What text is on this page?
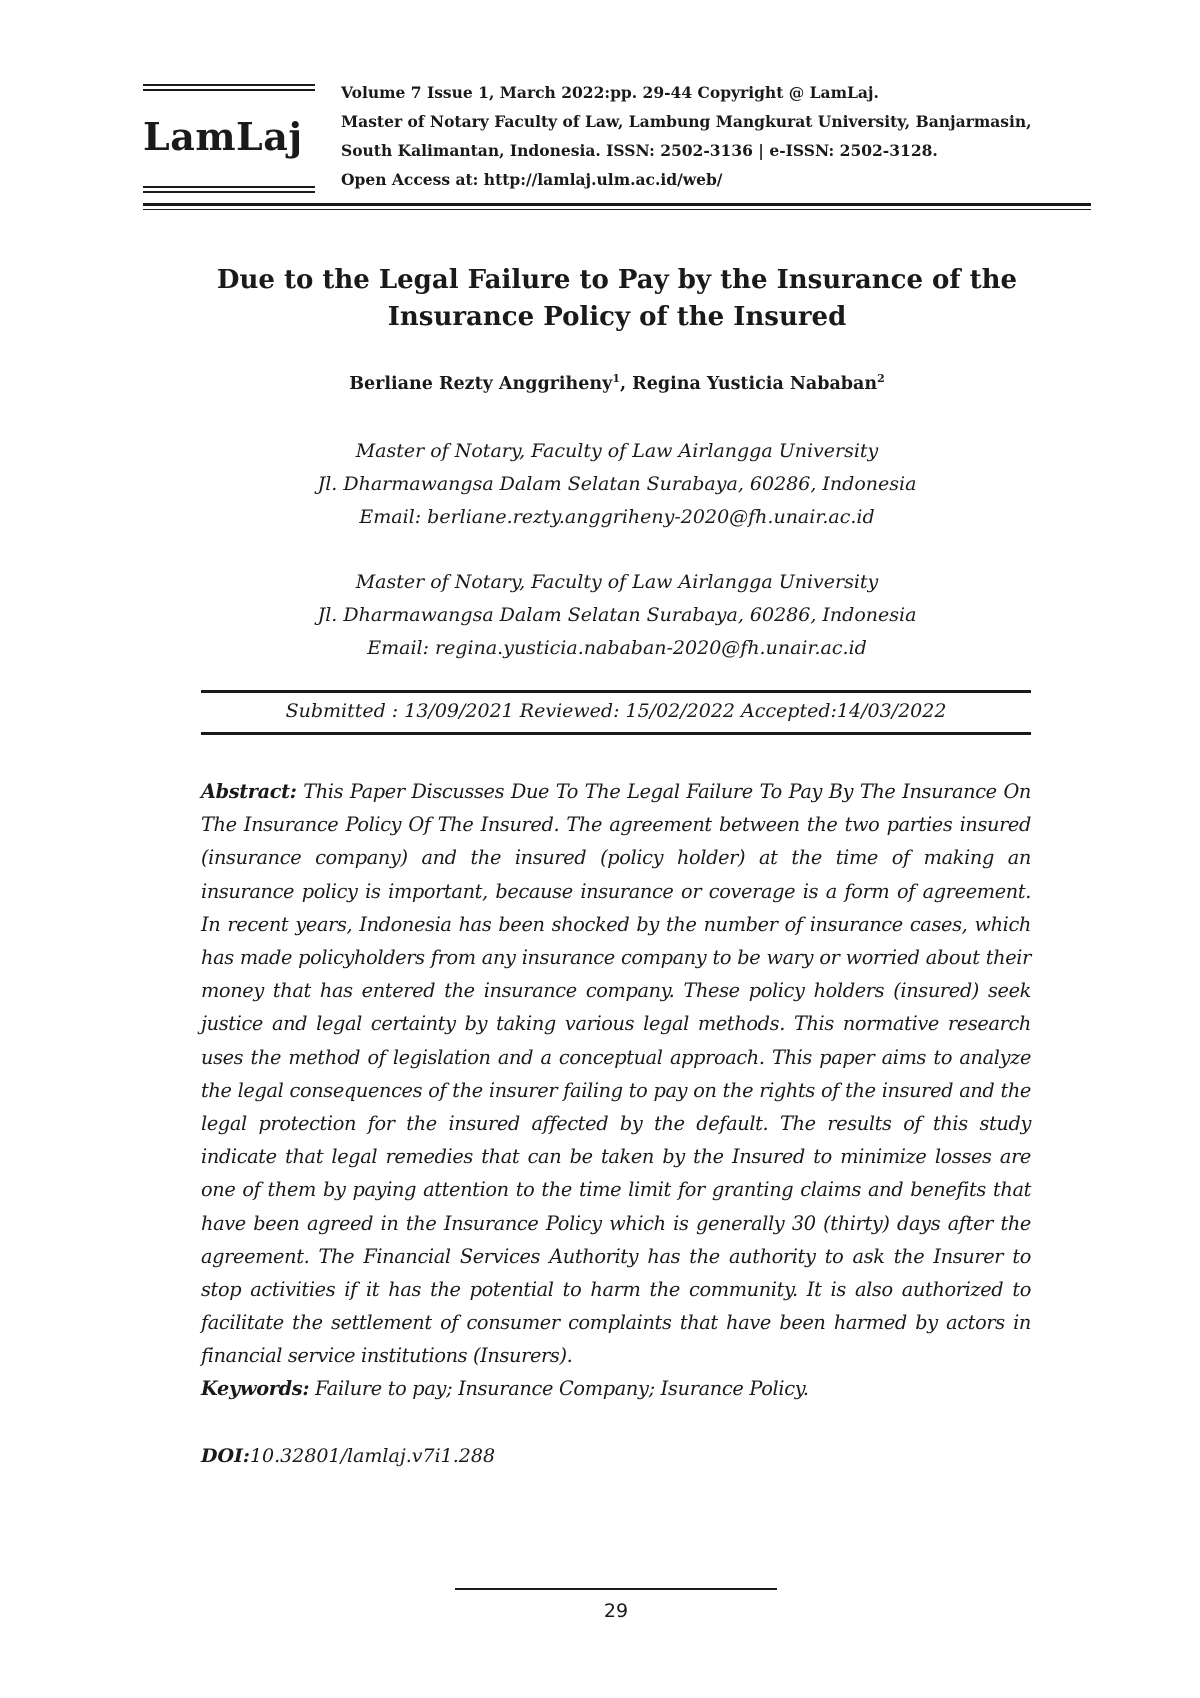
LamLaj
Volume 7 Issue 1, March 2022:pp. 29-44 Copyright @ LamLaj.
Master of Notary Faculty of Law, Lambung Mangkurat University, Banjarmasin,
South Kalimantan, Indonesia. ISSN: 2502-3136 | e-ISSN: 2502-3128.
Open Access at: http://lamlaj.ulm.ac.id/web/
Due to the Legal Failure to Pay by the Insurance of the
Insurance Policy of the Insured
Berliane Rezty Anggriheny$^1$, Regina Yusticia Nababan$^2$
Master of Notary, Faculty of Law Airlangga University
Jl. Dharmawangsa Dalam Selatan Surabaya, 60286, Indonesia
Email: berliane.rezty.anggriheny-2020@fh.unair.ac.id
Master of Notary, Faculty of Law Airlangga University
Jl. Dharmawangsa Dalam Selatan Surabaya, 60286, Indonesia
Email: regina.yusticia.nababan-2020@fh.unair.ac.id
Submitted : 13/09/2021 Reviewed: 15/02/2022 Accepted:14/03/2022
Abstract: This Paper Discusses Due To The Legal Failure To Pay By The Insurance On The Insurance Policy Of The Insured. The agreement between the two parties insured (insurance company) and the insured (policy holder) at the time of making an insurance policy is important, because insurance or coverage is a form of agreement. In recent years, Indonesia has been shocked by the number of insurance cases, which has made policyholders from any insurance company to be wary or worried about their money that has entered the insurance company. These policy holders (insured) seek justice and legal certainty by taking various legal methods. This normative research uses the method of legislation and a conceptual approach. This paper aims to analyze the legal consequences of the insurer failing to pay on the rights of the insured and the legal protection for the insured affected by the default. The results of this study indicate that legal remedies that can be taken by the Insured to minimize losses are one of them by paying attention to the time limit for granting claims and benefits that have been agreed in the Insurance Policy which is generally 30 (thirty) days after the agreement. The Financial Services Authority has the authority to ask the Insurer to stop activities if it has the potential to harm the community. It is also authorized to facilitate the settlement of consumer complaints that have been harmed by actors in financial service institutions (Insurers).
Keywords: Failure to pay; Insurance Company; Isurance Policy.
DOI:10.32801/lamlaj.v7i1.288
29
